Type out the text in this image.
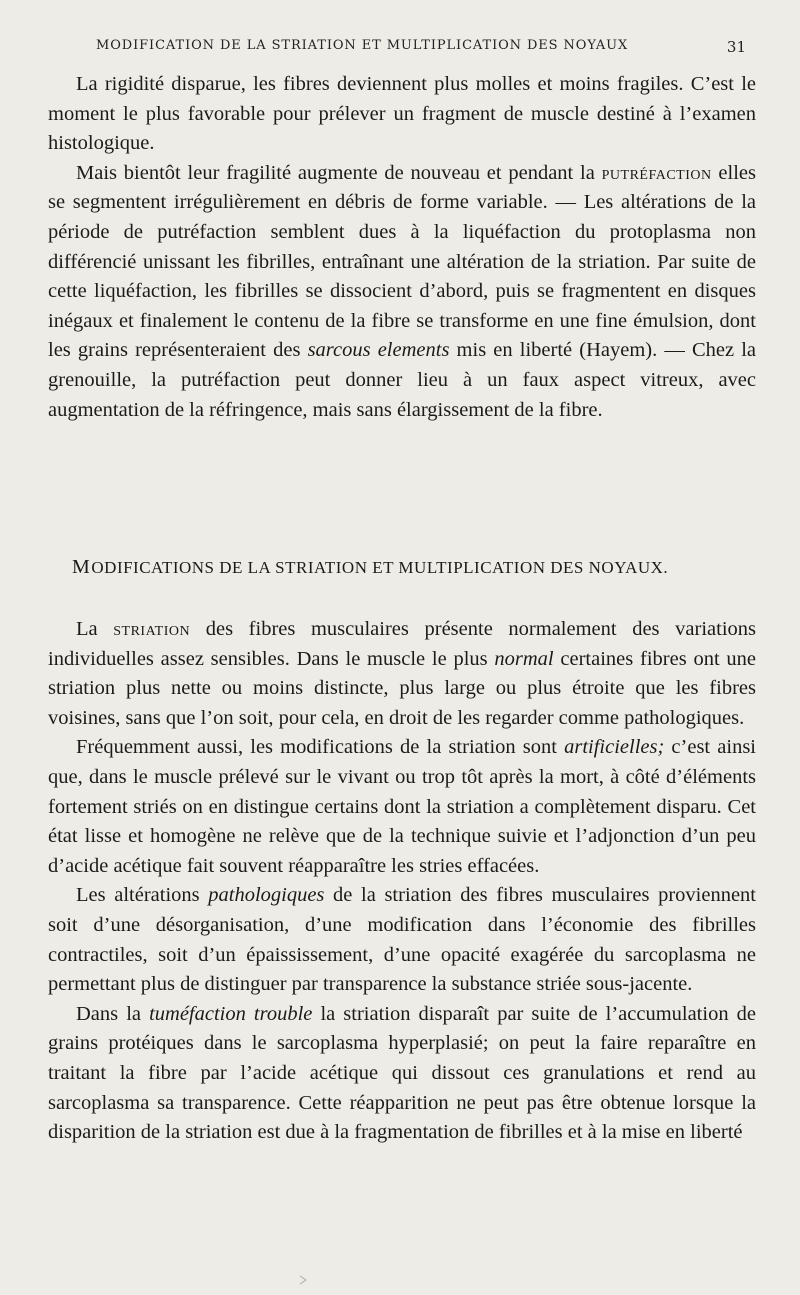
MODIFICATION DE LA STRIATION ET MULTIPLICATION DES NOYAUX	31

La rigidité disparue, les fibres deviennent plus molles et moins fragiles. C’est le moment le plus favorable pour prélever un fragment de muscle destiné à l’examen histologique.

Mais bientôt leur fragilité augmente de nouveau et pendant la putréfaction elles se segmentent irrégulièrement en débris de forme variable. — Les altérations de la période de putréfaction semblent dues à la liquéfaction du protoplasma non différencié unissant les fibrilles, entraînant une altération de la striation. Par suite de cette liquéfaction, les fibrilles se dissocient d’abord, puis se fragmentent en disques inégaux et finalement le contenu de la fibre se transforme en une fine émulsion, dont les grains représenteraient des sarcous elements mis en liberté (Hayem). — Chez la grenouille, la putréfaction peut donner lieu à un faux aspect vitreux, avec augmentation de la réfringence, mais sans élargissement de la fibre.

MODIFICATIONS DE LA STRIATION ET MULTIPLICATION DES NOYAUX.

La striation des fibres musculaires présente normalement des variations individuelles assez sensibles. Dans le muscle le plus normal certaines fibres ont une striation plus nette ou moins distincte, plus large ou plus étroite que les fibres voisines, sans que l’on soit, pour cela, en droit de les regarder comme pathologiques.

Fréquemment aussi, les modifications de la striation sont artificielles; c’est ainsi que, dans le muscle prélevé sur le vivant ou trop tôt après la mort, à côté d’éléments fortement striés on en distingue certains dont la striation a complètement disparu. Cet état lisse et homogène ne relève que de la technique suivie et l’adjonction d’un peu d’acide acétique fait souvent réapparaître les stries effacées.

Les altérations pathologiques de la striation des fibres musculaires proviennent soit d’une désorganisation, d’une modification dans l’économie des fibrilles contractiles, soit d’un épaississement, d’une opacité exagérée du sarcoplasma ne permettant plus de distinguer par transparence la substance striée sous-jacente.

Dans la tuméfaction trouble la striation disparaît par suite de l’accumulation de grains protéiques dans le sarcoplasma hyperplasié; on peut la faire reparaître en traitant la fibre par l’acide acétique qui dissout ces granulations et rend au sarcoplasma sa transparence. Cette réapparition ne peut pas être obtenue lorsque la disparition de la striation est due à la fragmentation de fibrilles et à la mise en liberté
